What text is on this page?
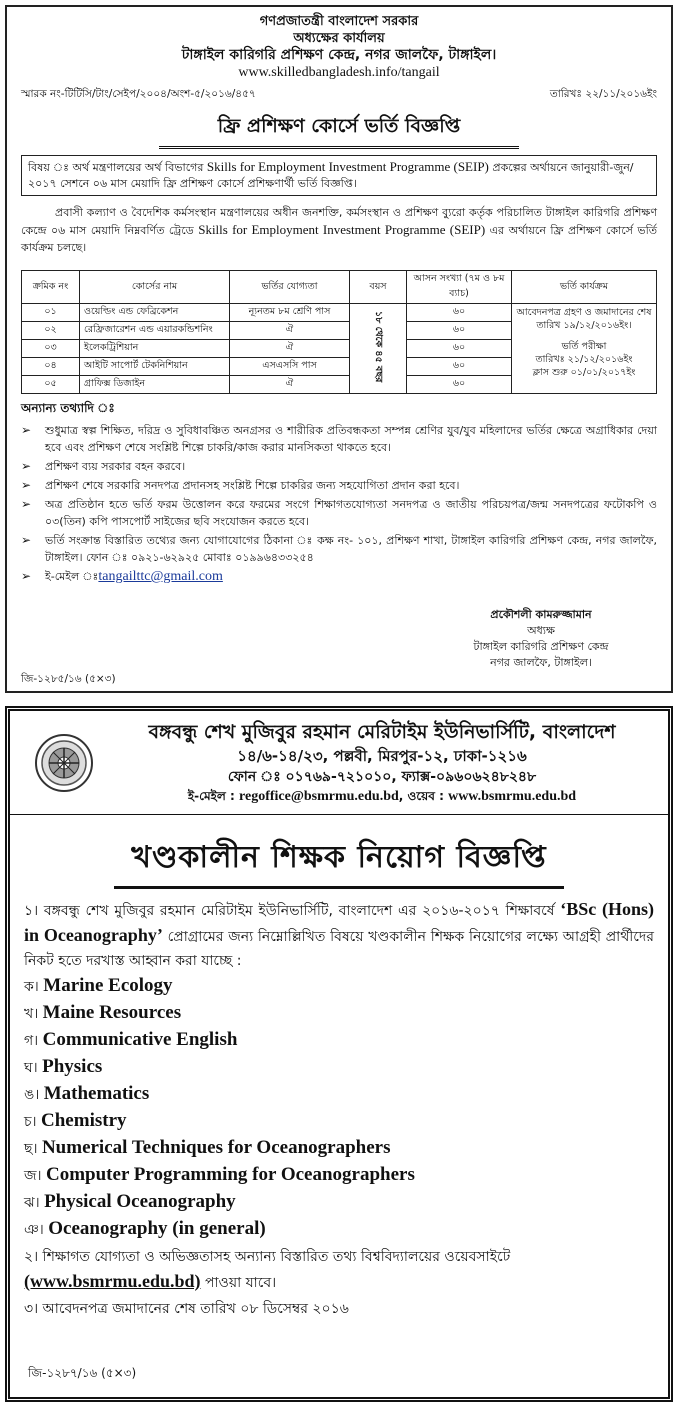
গণপ্রজাতন্ত্রী বাংলাদেশ সরকার
অধ্যক্ষের কার্যালয়
টাঙ্গাইল কারিগরি প্রশিক্ষণ কেন্দ্র, নগর জালফৈ, টাঙ্গাইল।
www.skilledbangladesh.info/tangail
স্মারক নং-টিটিসি/টাং/সেইপ/২০০৪/অংশ-৫/২০১৬/৪৫৭	তারিখঃ ২২/১১/২০১৬ইং
ফ্রি প্রশিক্ষণ কোর্সে ভর্তি বিজ্ঞপ্তি
বিষয় ঃ অর্থ মন্ত্রণালয়ের অর্থ বিভাগের Skills for Employment Investment Programme (SEIP) প্রকল্পের অর্থায়নে জানুয়ারী-জুন/২০১৭ সেশনে ০৬ মাস মেয়াদি ফ্রি প্রশিক্ষণ কোর্সে প্রশিক্ষণার্থী ভর্তি বিজ্ঞপ্তি।
প্রবাসী কল্যাণ ও বৈদেশিক কর্মসংস্থান মন্ত্রণালয়ের অধীন জনশক্তি, কর্মসংস্থান ও প্রশিক্ষণ ব্যুরো কর্তৃক পরিচালিত টাঙ্গাইল কারিগরি প্রশিক্ষণ কেন্দ্রে ০৬ মাস মেয়াদি নিম্নবর্ণিত ট্রেডে Skills for Employment Investment Programme (SEIP) এর অর্থায়নে ফ্রি প্রশিক্ষণ কোর্সে ভর্তি কার্যক্রম চলছে।
ক্রমিক নং	কোর্সের নাম	ভর্তির যোগ্যতা	বয়স	আসন সংখ্যা (৭ম ও ৮ম ব্যাচ)	ভর্তি কার্যক্রম
০১	ওয়েল্ডিং এন্ড ফেব্রিকেশন	ন্যূনতম ৮ম শ্রেণি পাস	১৮ থেকে ৪৫ বছর	৬০	আবেদনপত্র গ্রহণ ও জমাদানের শেষ
তারিখ ১৯/১২/২০১৬ইং।
ভর্তি পরীক্ষা
তারিখঃ ২১/১২/২০১৬ইং
ক্লাস শুরু ০১/০১/২০১৭ইং

০২	রেফ্রিজারেশন এন্ড এয়ারকন্ডিশনিং	ঐ		৬০	
০৩	ইলেকট্রিশিয়ান	ঐ		৬০	
০৪	আইটি সাপোর্ট টেকনিশিয়ান	এসএসসি পাস		৬০	
০৫	গ্রাফিক্স ডিজাইন	ঐ		৬০	
অন্যান্য তথ্যাদি ঃ
➢	শুধুমাত্র স্বল্প শিক্ষিত, দরিদ্র ও সুবিধাবঞ্চিত অনগ্রসর ও শারীরিক প্রতিবন্ধকতা সম্পন্ন শ্রেণির যুব/যুব মহিলাদের ভর্তির ক্ষেত্রে অগ্রাধিকার দেয়া হবে এবং প্রশিক্ষণ শেষে সংশ্লিষ্ট শিল্পে চাকরি/কাজ করার মানসিকতা থাকতে হবে।
➢	প্রশিক্ষণ ব্যয় সরকার বহন করবে।
➢	প্রশিক্ষণ শেষে সরকারি সনদপত্র প্রদানসহ সংশ্লিষ্ট শিল্পে চাকরির জন্য সহযোগিতা প্রদান করা হবে।
➢	অত্র প্রতিষ্ঠান হতে ভর্তি ফরম উত্তোলন করে ফরমের সংগে শিক্ষাগতযোগ্যতা সনদপত্র ও জাতীয় পরিচয়পত্র/জন্ম সনদপত্রের ফটোকপি ও ০৩(তিন) কপি পাসপোর্ট সাইজের ছবি সংযোজন করতে হবে।
➢	ভর্তি সংক্রান্ত বিস্তারিত তথ্যের জন্য যোগাযোগের ঠিকানা ঃ কক্ষ নং- ১০১, প্রশিক্ষণ শাখা, টাঙ্গাইল কারিগরি প্রশিক্ষণ কেন্দ্র, নগর জালফৈ, টাঙ্গাইল। ফোন ঃ ০৯২১-৬২৯২৫ মোবাঃ ০১৯৯৬৪৩৩২৫৪
➢	ই-মেইল ঃ tangailttc@gmail.com
প্রকৌশলী কামরুজ্জামান
অধ্যক্ষ
টাঙ্গাইল কারিগরি প্রশিক্ষণ কেন্দ্র
নগর জালফৈ, টাঙ্গাইল।
জি-১২৮৫/১৬ (৫×৩)
বঙ্গবন্ধু শেখ মুজিবুর রহমান মেরিটাইম ইউনিভার্সিটি, বাংলাদেশ
১৪/৬-১৪/২৩, পল্লবী, মিরপুর-১২, ঢাকা-১২১৬
ফোন ঃ ০১৭৬৯-৭২১০১০, ফ্যাক্স-০৯৬০৬২৪৮২৪৮
ই-মেইল : regoffice@bsmrmu.edu.bd, ওয়েব : www.bsmrmu.edu.bd
খণ্ডকালীন শিক্ষক নিয়োগ বিজ্ঞপ্তি
১। বঙ্গবন্ধু শেখ মুজিবুর রহমান মেরিটাইম ইউনিভার্সিটি, বাংলাদেশ এর ২০১৬-২০১৭ শিক্ষাবর্ষে ‘BSc (Hons) in Oceanography’ প্রোগ্রামের জন্য নিম্নোল্লিখিত বিষয়ে খণ্ডকালীন শিক্ষক নিয়োগের লক্ষ্যে আগ্রহী প্রার্থীদের নিকট হতে দরখাস্ত আহ্বান করা যাচ্ছে :
ক। Marine Ecology
খ। Maine Resources
গ। Communicative English
ঘ। Physics
ঙ। Mathematics
চ। Chemistry
ছ। Numerical Techniques for Oceanographers
জ। Computer Programming for Oceanographers
ঝ। Physical Oceanography
ঞ। Oceanography (in general)
২। শিক্ষাগত যোগ্যতা ও অভিজ্ঞতাসহ অন্যান্য বিস্তারিত তথ্য বিশ্ববিদ্যালয়ের ওয়েবসাইটে (www.bsmrmu.edu.bd) পাওয়া যাবে।
৩। আবেদনপত্র জমাদানের শেষ তারিখ ০৮ ডিসেম্বর ২০১৬
জি-১২৮৭/১৬ (৫×৩)
